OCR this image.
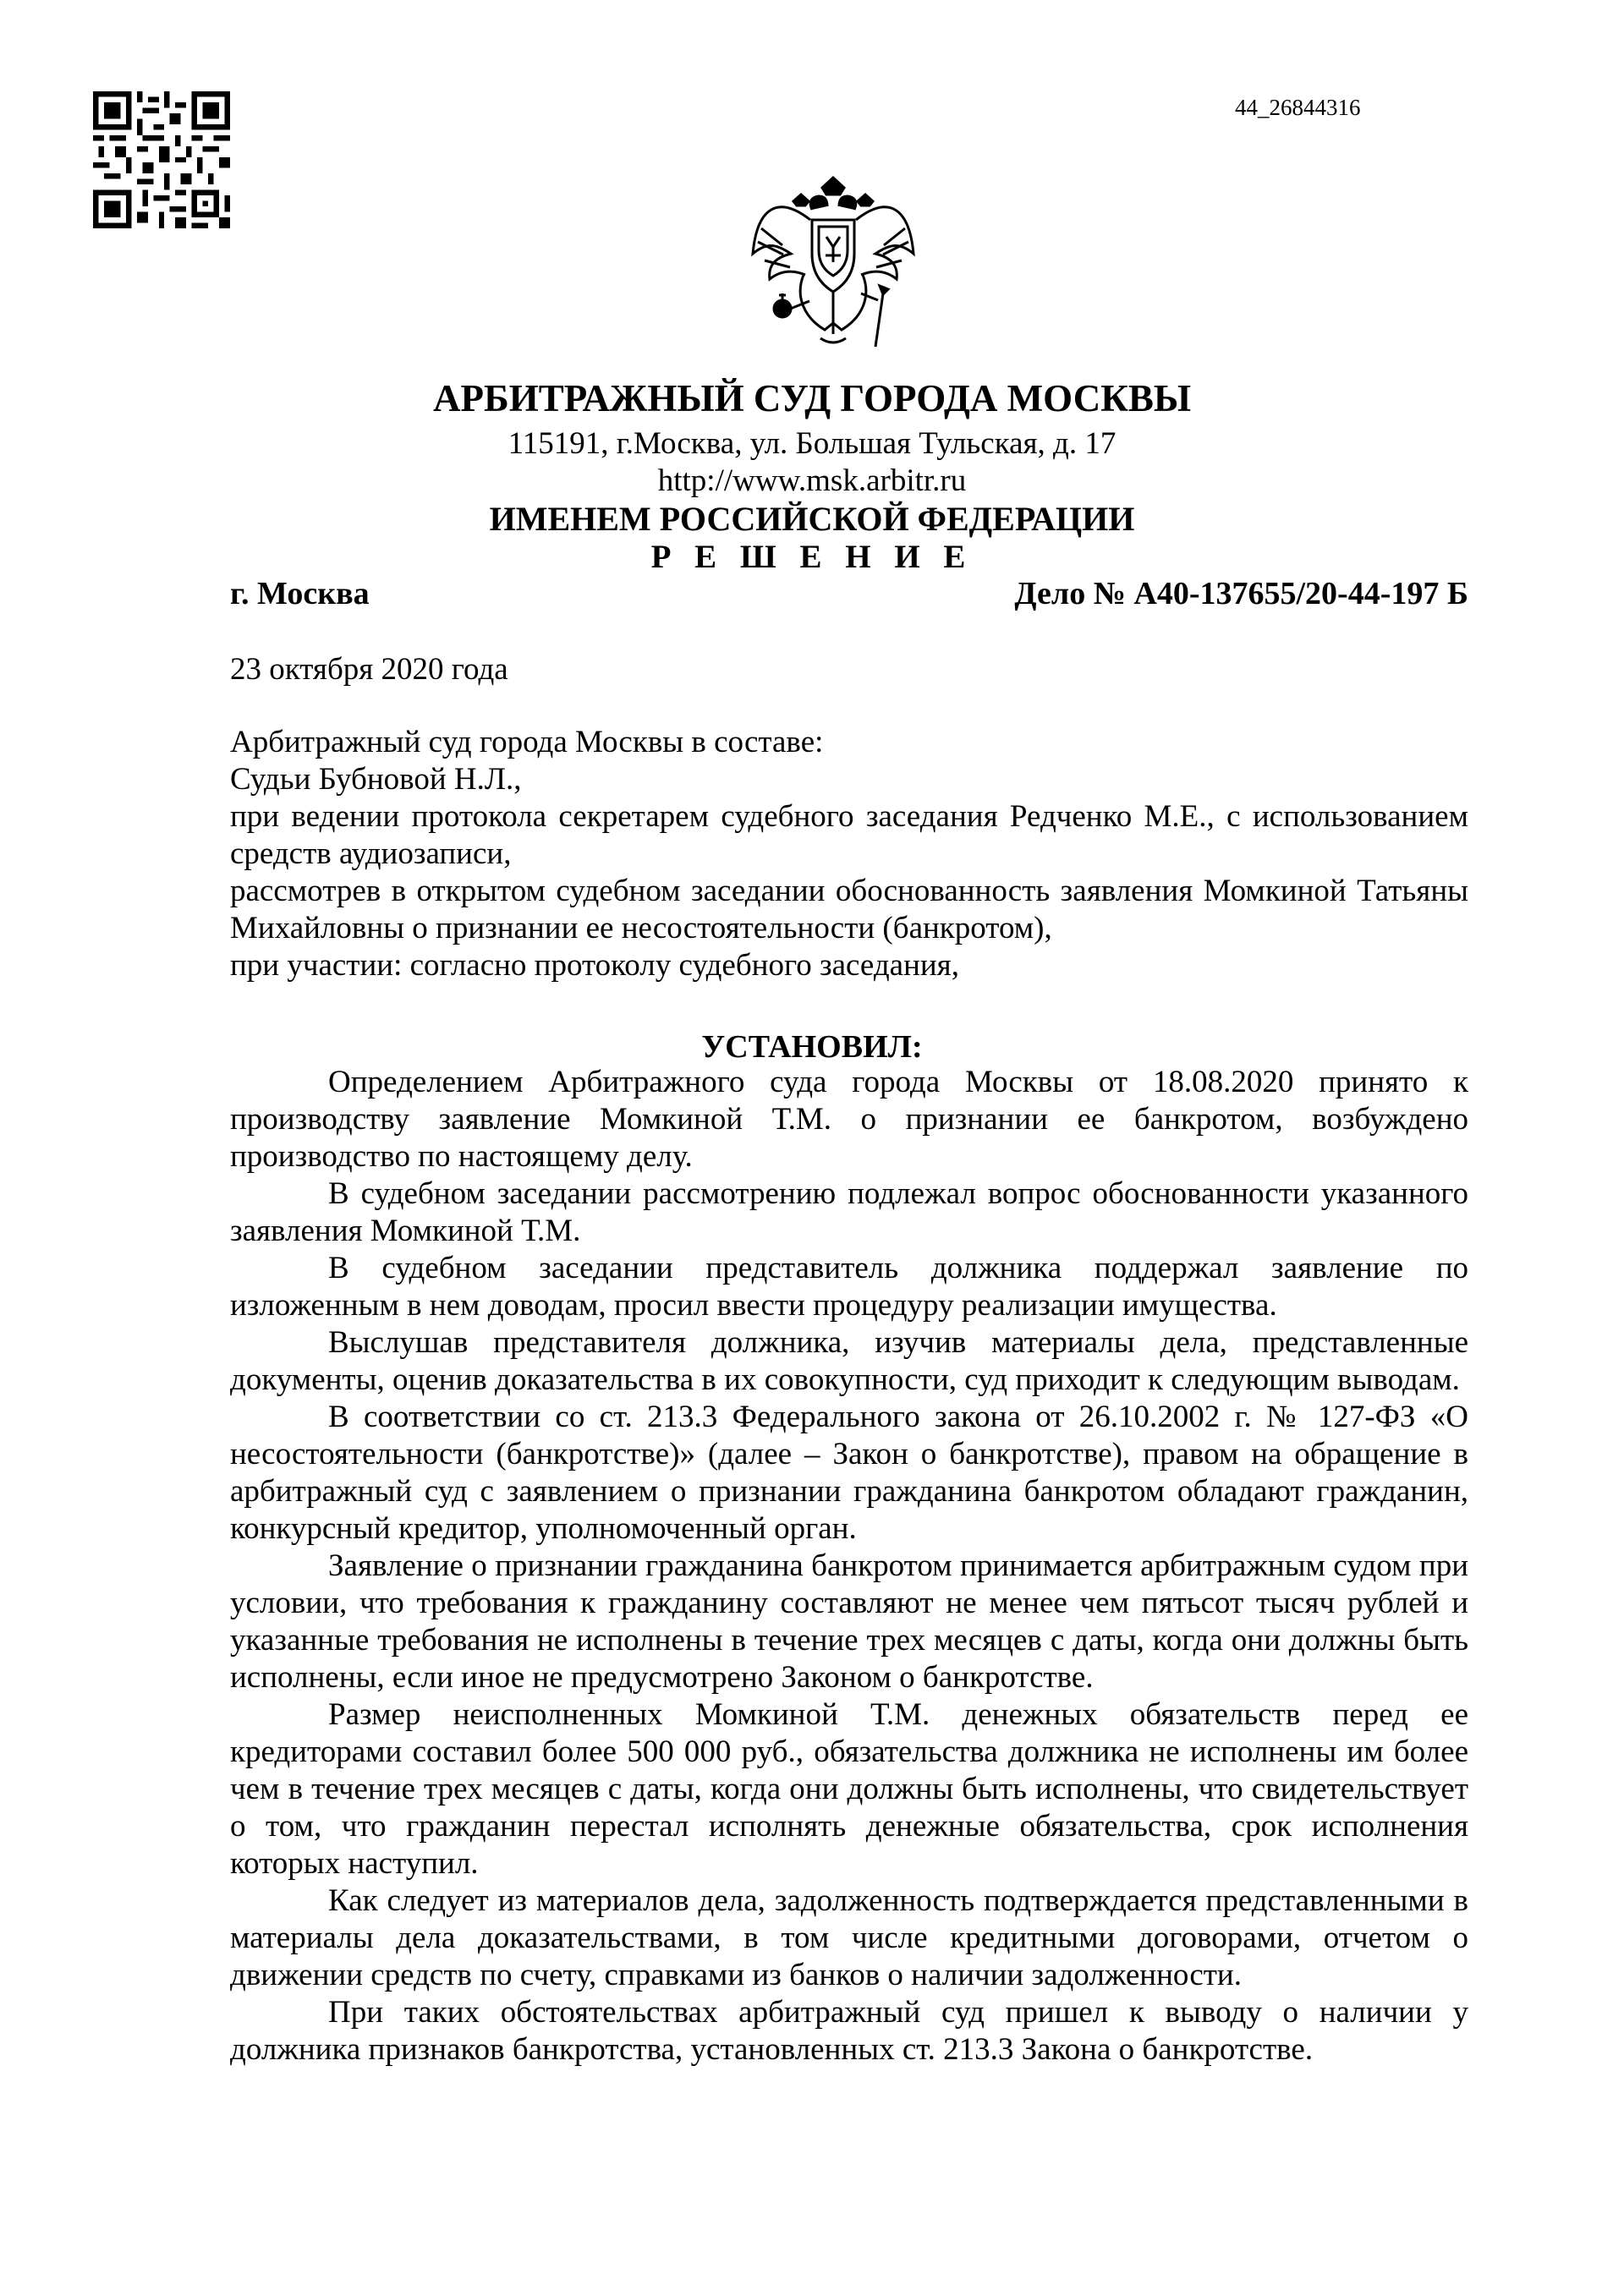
44_26844316
АРБИТРАЖНЫЙ СУД ГОРОДА МОСКВЫ
115191, г.Москва, ул. Большая Тульская, д. 17
http://www.msk.arbitr.ru
ИМЕНЕМ РОССИЙСКОЙ ФЕДЕРАЦИИ
Р Е Ш Е Н И Е
г. Москва	Дело № А40-137655/20-44-197 Б
23 октября 2020 года

Арбитражный суд города Москвы в составе:

Судьи Бубновой Н.Л.,

при ведении протокола секретарем судебного заседания Редченко М.Е., с использованием средств аудиозаписи,

рассмотрев в открытом судебном заседании обоснованность заявления Момкиной Татьяны Михайловны о признании ее несостоятельности (банкротом),

при участии: согласно протоколу судебного заседания,

УСТАНОВИЛ:

Определением Арбитражного суда города Москвы от 18.08.2020 принято к производству заявление Момкиной Т.М. о признании ее банкротом, возбуждено производство по настоящему делу.

В судебном заседании рассмотрению подлежал вопрос обоснованности указанного заявления Момкиной Т.М.

В судебном заседании представитель должника поддержал заявление по изложенным в нем доводам, просил ввести процедуру реализации имущества.

Выслушав представителя должника, изучив материалы дела, представленные документы, оценив доказательства в их совокупности, суд приходит к следующим выводам.

В соответствии со ст. 213.3 Федерального закона от 26.10.2002 г. № 127-ФЗ «О несостоятельности (банкротстве)» (далее – Закон о банкротстве), правом на обращение в арбитражный суд с заявлением о признании гражданина банкротом обладают гражданин, конкурсный кредитор, уполномоченный орган.

Заявление о признании гражданина банкротом принимается арбитражным судом при условии, что требования к гражданину составляют не менее чем пятьсот тысяч рублей и указанные требования не исполнены в течение трех месяцев с даты, когда они должны быть исполнены, если иное не предусмотрено Законом о банкротстве.

Размер неисполненных Момкиной Т.М. денежных обязательств перед ее кредиторами составил более 500 000 руб., обязательства должника не исполнены им более чем в течение трех месяцев с даты, когда они должны быть исполнены, что свидетельствует о том, что гражданин перестал исполнять денежные обязательства, срок исполнения которых наступил.

Как следует из материалов дела, задолженность подтверждается представленными в материалы дела доказательствами, в том числе кредитными договорами, отчетом о движении средств по счету, справками из банков о наличии задолженности.

При таких обстоятельствах арбитражный суд пришел к выводу о наличии у должника признаков банкротства, установленных ст. 213.3 Закона о банкротстве.
